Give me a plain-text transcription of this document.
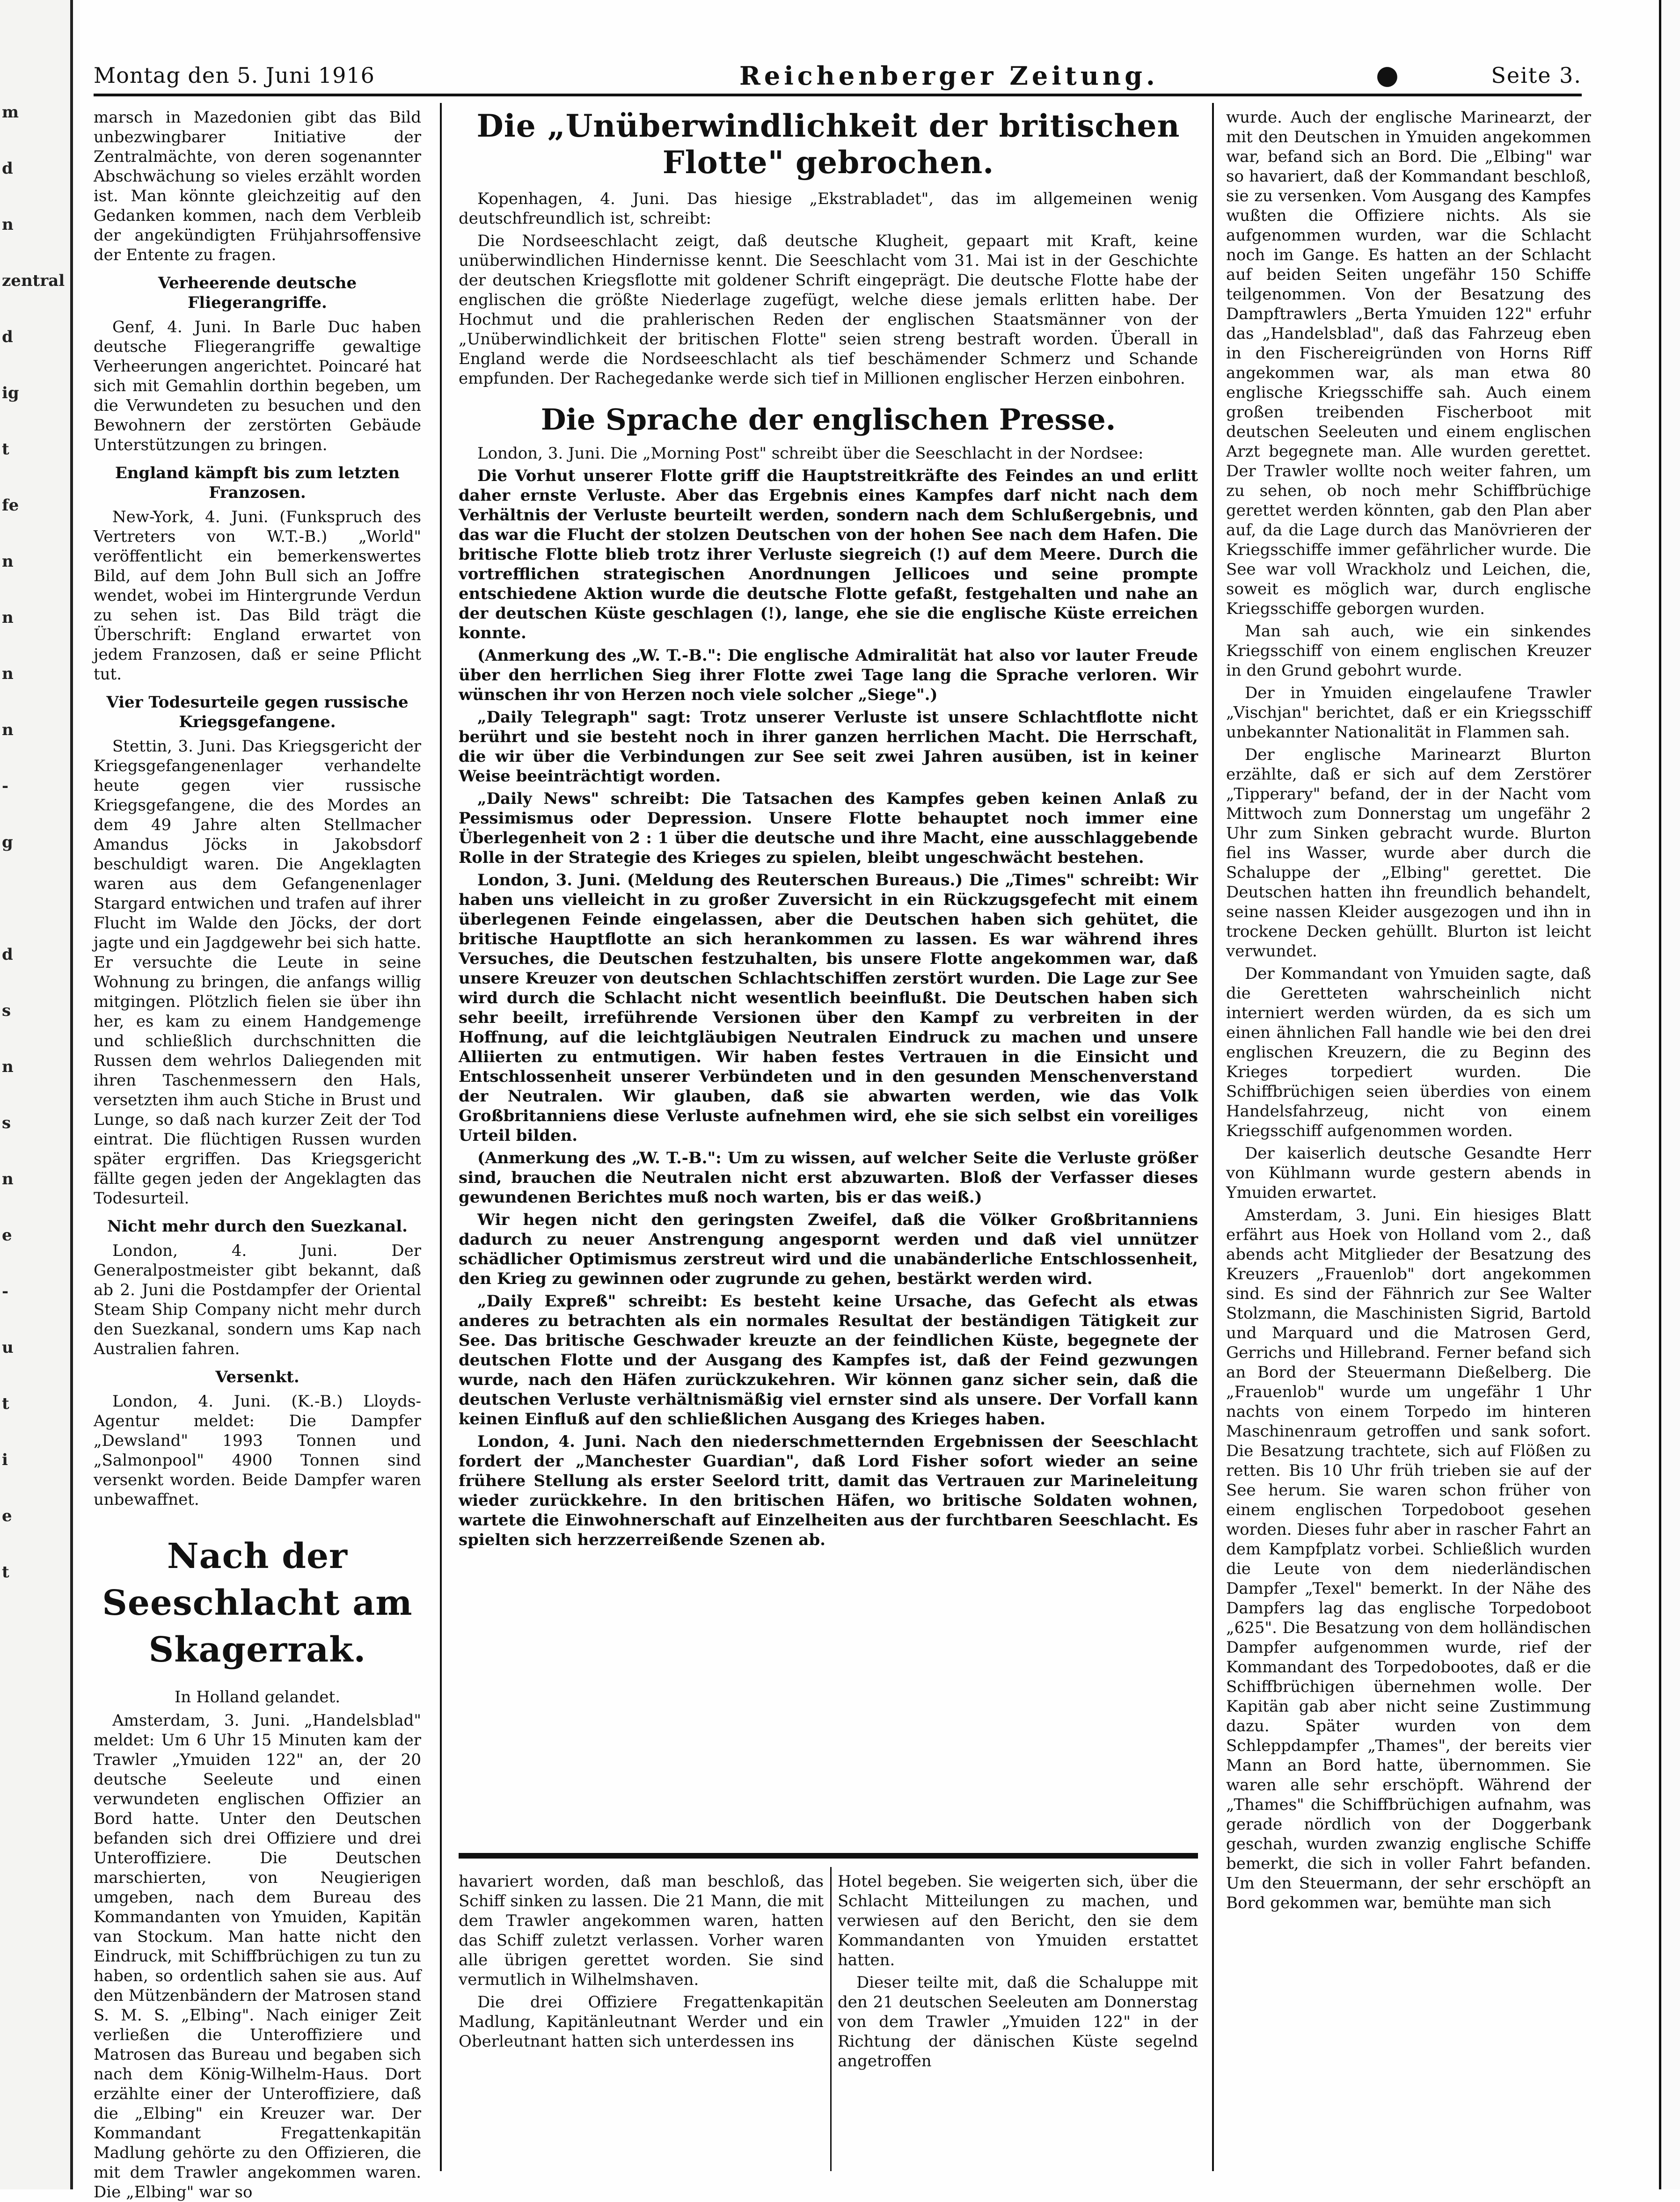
m
d
n
zentral
d
ig
t
fe
n
n
n
n
-
g

d
s
n
s
n
e
-
u
t
i
e
t
Montag den 5. Juni 1916	Reichenberger Zeitung.	●	Seite 3.

marsch in Mazedonien gibt das Bild unbezwingbarer Initiative der Zentralmächte, von deren sogenannter Abschwächung so vieles erzählt worden ist. Man könnte gleichzeitig auf den Gedanken kommen, nach dem Verbleib der angekündigten Frühjahrsoffensive der Entente zu fragen.

Verheerende deutsche Fliegerangriffe.

Genf, 4. Juni. In Barle Duc haben deutsche Fliegerangriffe gewaltige Verheerungen angerichtet. Poincaré hat sich mit Gemahlin dorthin begeben, um die Verwundeten zu besuchen und den Bewohnern der zerstörten Gebäude Unterstützungen zu bringen.

England kämpft bis zum letzten Franzosen.

New-York, 4. Juni. (Funkspruch des Vertreters von W.T.-B.) „World" veröffentlicht ein bemerkenswertes Bild, auf dem John Bull sich an Joffre wendet, wobei im Hintergrunde Verdun zu sehen ist. Das Bild trägt die Überschrift: England erwartet von jedem Franzosen, daß er seine Pflicht tut.

Vier Todesurteile gegen russische Kriegsgefangene.

Stettin, 3. Juni. Das Kriegsgericht der Kriegsgefangenenlager verhandelte heute gegen vier russische Kriegsgefangene, die des Mordes an dem 49 Jahre alten Stellmacher Amandus Jöcks in Jakobsdorf beschuldigt waren. Die Angeklagten waren aus dem Gefangenenlager Stargard entwichen und trafen auf ihrer Flucht im Walde den Jöcks, der dort jagte und ein Jagdgewehr bei sich hatte. Er versuchte die Leute in seine Wohnung zu bringen, die anfangs willig mitgingen. Plötzlich fielen sie über ihn her, es kam zu einem Handgemenge und schließlich durchschnitten die Russen dem wehrlos Daliegenden mit ihren Taschenmessern den Hals, versetzten ihm auch Stiche in Brust und Lunge, so daß nach kurzer Zeit der Tod eintrat. Die flüchtigen Russen wurden später ergriffen. Das Kriegsgericht fällte gegen jeden der Angeklagten das Todesurteil.

Nicht mehr durch den Suezkanal.

London, 4. Juni. Der Generalpostmeister gibt bekannt, daß ab 2. Juni die Postdampfer der Oriental Steam Ship Company nicht mehr durch den Suezkanal, sondern ums Kap nach Australien fahren.

Versenkt.

London, 4. Juni. (K.-B.) Lloyds-Agentur meldet: Die Dampfer „Dewsland" 1993 Tonnen und „Salmonpool" 4900 Tonnen sind versenkt worden. Beide Dampfer waren unbewaffnet.

Nach der Seeschlacht am Skagerrak.
In Holland gelandet.

Amsterdam, 3. Juni. „Handelsblad" meldet: Um 6 Uhr 15 Minuten kam der Trawler „Ymuiden 122" an, der 20 deutsche Seeleute und einen verwundeten englischen Offizier an Bord hatte. Unter den Deutschen befanden sich drei Offiziere und drei Unteroffiziere. Die Deutschen marschierten, von Neugierigen umgeben, nach dem Bureau des Kommandanten von Ymuiden, Kapitän van Stockum. Man hatte nicht den Eindruck, mit Schiffbrüchigen zu tun zu haben, so ordentlich sahen sie aus. Auf den Mützenbändern der Matrosen stand S. M. S. „Elbing". Nach einiger Zeit verließen die Unteroffiziere und Matrosen das Bureau und begaben sich nach dem König-Wilhelm-Haus. Dort erzählte einer der Unteroffiziere, daß die „Elbing" ein Kreuzer war. Der Kommandant Fregattenkapitän Madlung gehörte zu den Offizieren, die mit dem Trawler angekommen waren. Die „Elbing" war so

Die „Unüberwindlichkeit der britischen Flotte" gebrochen.

Kopenhagen, 4. Juni. Das hiesige „Ekstrabladet", das im allgemeinen wenig deutschfreundlich ist, schreibt:

Die Nordseeschlacht zeigt, daß deutsche Klugheit, gepaart mit Kraft, keine unüberwindlichen Hindernisse kennt. Die Seeschlacht vom 31. Mai ist in der Geschichte der deutschen Kriegsflotte mit goldener Schrift eingeprägt. Die deutsche Flotte habe der englischen die größte Niederlage zugefügt, welche diese jemals erlitten habe. Der Hochmut und die prahlerischen Reden der englischen Staatsmänner von der „Unüberwindlichkeit der britischen Flotte" seien streng bestraft worden. Überall in England werde die Nordseeschlacht als tief beschämender Schmerz und Schande empfunden. Der Rachegedanke werde sich tief in Millionen englischer Herzen einbohren.

Die Sprache der englischen Presse.

London, 3. Juni. Die „Morning Post" schreibt über die Seeschlacht in der Nordsee:

Die Vorhut unserer Flotte griff die Hauptstreitkräfte des Feindes an und erlitt daher ernste Verluste. Aber das Ergebnis eines Kampfes darf nicht nach dem Verhältnis der Verluste beurteilt werden, sondern nach dem Schlußergebnis, und das war die Flucht der stolzen Deutschen von der hohen See nach dem Hafen. Die britische Flotte blieb trotz ihrer Verluste siegreich (!) auf dem Meere. Durch die vortrefflichen strategischen Anordnungen Jellicoes und seine prompte entschiedene Aktion wurde die deutsche Flotte gefaßt, festgehalten und nahe an der deutschen Küste geschlagen (!), lange, ehe sie die englische Küste erreichen konnte.

(Anmerkung des „W. T.-B.": Die englische Admiralität hat also vor lauter Freude über den herrlichen Sieg ihrer Flotte zwei Tage lang die Sprache verloren. Wir wünschen ihr von Herzen noch viele solcher „Siege".)

„Daily Telegraph" sagt: Trotz unserer Verluste ist unsere Schlachtflotte nicht berührt und sie besteht noch in ihrer ganzen herrlichen Macht. Die Herrschaft, die wir über die Verbindungen zur See seit zwei Jahren ausüben, ist in keiner Weise beeinträchtigt worden.

„Daily News" schreibt: Die Tatsachen des Kampfes geben keinen Anlaß zu Pessimismus oder Depression. Unsere Flotte behauptet noch immer eine Überlegenheit von 2 : 1 über die deutsche und ihre Macht, eine ausschlaggebende Rolle in der Strategie des Krieges zu spielen, bleibt ungeschwächt bestehen.

London, 3. Juni. (Meldung des Reuterschen Bureaus.) Die „Times" schreibt: Wir haben uns vielleicht in zu großer Zuversicht in ein Rückzugsgefecht mit einem überlegenen Feinde eingelassen, aber die Deutschen haben sich gehütet, die britische Hauptflotte an sich herankommen zu lassen. Es war während ihres Versuches, die Deutschen festzuhalten, bis unsere Flotte angekommen war, daß unsere Kreuzer von deutschen Schlachtschiffen zerstört wurden. Die Lage zur See wird durch die Schlacht nicht wesentlich beeinflußt. Die Deutschen haben sich sehr beeilt, irreführende Versionen über den Kampf zu verbreiten in der Hoffnung, auf die leichtgläubigen Neutralen Eindruck zu machen und unsere Alliierten zu entmutigen. Wir haben festes Vertrauen in die Einsicht und Entschlossenheit unserer Verbündeten und in den gesunden Menschenverstand der Neutralen. Wir glauben, daß sie abwarten werden, wie das Volk Großbritanniens diese Verluste aufnehmen wird, ehe sie sich selbst ein voreiliges Urteil bilden.

(Anmerkung des „W. T.-B.": Um zu wissen, auf welcher Seite die Verluste größer sind, brauchen die Neutralen nicht erst abzuwarten. Bloß der Verfasser dieses gewundenen Berichtes muß noch warten, bis er das weiß.)

Wir hegen nicht den geringsten Zweifel, daß die Völker Großbritanniens dadurch zu neuer Anstrengung angespornt werden und daß viel unnützer schädlicher Optimismus zerstreut wird und die unabänderliche Entschlossenheit, den Krieg zu gewinnen oder zugrunde zu gehen, bestärkt werden wird.

„Daily Expreß" schreibt: Es besteht keine Ursache, das Gefecht als etwas anderes zu betrachten als ein normales Resultat der beständigen Tätigkeit zur See. Das britische Geschwader kreuzte an der feindlichen Küste, begegnete der deutschen Flotte und der Ausgang des Kampfes ist, daß der Feind gezwungen wurde, nach den Häfen zurückzukehren. Wir können ganz sicher sein, daß die deutschen Verluste verhältnismäßig viel ernster sind als unsere. Der Vorfall kann keinen Einfluß auf den schließlichen Ausgang des Krieges haben.

London, 4. Juni. Nach den niederschmetternden Ergebnissen der Seeschlacht fordert der „Manchester Guardian", daß Lord Fisher sofort wieder an seine frühere Stellung als erster Seelord tritt, damit das Vertrauen zur Marineleitung wieder zurückkehre. In den britischen Häfen, wo britische Soldaten wohnen, wartete die Einwohnerschaft auf Einzelheiten aus der furchtbaren Seeschlacht. Es spielten sich herzzerreißende Szenen ab.

havariert worden, daß man beschloß, das Schiff sinken zu lassen. Die 21 Mann, die mit dem Trawler angekommen waren, hatten das Schiff zuletzt verlassen. Vorher waren alle übrigen gerettet worden. Sie sind vermutlich in Wilhelmshaven.

Die drei Offiziere Fregattenkapitän Madlung, Kapitänleutnant Werder und ein Oberleutnant hatten sich unterdessen ins

Hotel begeben. Sie weigerten sich, über die Schlacht Mitteilungen zu machen, und verwiesen auf den Bericht, den sie dem Kommandanten von Ymuiden erstattet hatten.

Dieser teilte mit, daß die Schaluppe mit den 21 deutschen Seeleuten am Donnerstag von dem Trawler „Ymuiden 122" in der Richtung der dänischen Küste segelnd angetroffen

wurde. Auch der englische Marinearzt, der mit den Deutschen in Ymuiden angekommen war, befand sich an Bord. Die „Elbing" war so havariert, daß der Kommandant beschloß, sie zu versenken. Vom Ausgang des Kampfes wußten die Offiziere nichts. Als sie aufgenommen wurden, war die Schlacht noch im Gange. Es hatten an der Schlacht auf beiden Seiten ungefähr 150 Schiffe teilgenommen. Von der Besatzung des Dampftrawlers „Berta Ymuiden 122" erfuhr das „Handelsblad", daß das Fahrzeug eben in den Fischereigründen von Horns Riff angekommen war, als man etwa 80 englische Kriegsschiffe sah. Auch einem großen treibenden Fischerboot mit deutschen Seeleuten und einem englischen Arzt begegnete man. Alle wurden gerettet. Der Trawler wollte noch weiter fahren, um zu sehen, ob noch mehr Schiffbrüchige gerettet werden könnten, gab den Plan aber auf, da die Lage durch das Manövrieren der Kriegsschiffe immer gefährlicher wurde. Die See war voll Wrackholz und Leichen, die, soweit es möglich war, durch englische Kriegsschiffe geborgen wurden.

Man sah auch, wie ein sinkendes Kriegsschiff von einem englischen Kreuzer in den Grund gebohrt wurde.

Der in Ymuiden eingelaufene Trawler „Vischjan" berichtet, daß er ein Kriegsschiff unbekannter Nationalität in Flammen sah.

Der englische Marinearzt Blurton erzählte, daß er sich auf dem Zerstörer „Tipperary" befand, der in der Nacht vom Mittwoch zum Donnerstag um ungefähr 2 Uhr zum Sinken gebracht wurde. Blurton fiel ins Wasser, wurde aber durch die Schaluppe der „Elbing" gerettet. Die Deutschen hatten ihn freundlich behandelt, seine nassen Kleider ausgezogen und ihn in trockene Decken gehüllt. Blurton ist leicht verwundet.

Der Kommandant von Ymuiden sagte, daß die Geretteten wahrscheinlich nicht interniert werden würden, da es sich um einen ähnlichen Fall handle wie bei den drei englischen Kreuzern, die zu Beginn des Krieges torpediert wurden. Die Schiffbrüchigen seien überdies von einem Handelsfahrzeug, nicht von einem Kriegsschiff aufgenommen worden.

Der kaiserlich deutsche Gesandte Herr von Kühlmann wurde gestern abends in Ymuiden erwartet.

Amsterdam, 3. Juni. Ein hiesiges Blatt erfährt aus Hoek von Holland vom 2., daß abends acht Mitglieder der Besatzung des Kreuzers „Frauenlob" dort angekommen sind. Es sind der Fähnrich zur See Walter Stolzmann, die Maschinisten Sigrid, Bartold und Marquard und die Matrosen Gerd, Gerrichs und Hillebrand. Ferner befand sich an Bord der Steuermann Dießelberg. Die „Frauenlob" wurde um ungefähr 1 Uhr nachts von einem Torpedo im hinteren Maschinenraum getroffen und sank sofort. Die Besatzung trachtete, sich auf Flößen zu retten. Bis 10 Uhr früh trieben sie auf der See herum. Sie waren schon früher von einem englischen Torpedoboot gesehen worden. Dieses fuhr aber in rascher Fahrt an dem Kampfplatz vorbei. Schließlich wurden die Leute von dem niederländischen Dampfer „Texel" bemerkt. In der Nähe des Dampfers lag das englische Torpedoboot „625". Die Besatzung von dem holländischen Dampfer aufgenommen wurde, rief der Kommandant des Torpedobootes, daß er die Schiffbrüchigen übernehmen wolle. Der Kapitän gab aber nicht seine Zustimmung dazu. Später wurden von dem Schleppdampfer „Thames", der bereits vier Mann an Bord hatte, übernommen. Sie waren alle sehr erschöpft. Während der „Thames" die Schiffbrüchigen aufnahm, was gerade nördlich von der Doggerbank geschah, wurden zwanzig englische Schiffe bemerkt, die sich in voller Fahrt befanden. Um den Steuermann, der sehr erschöpft an Bord gekommen war, bemühte man sich
